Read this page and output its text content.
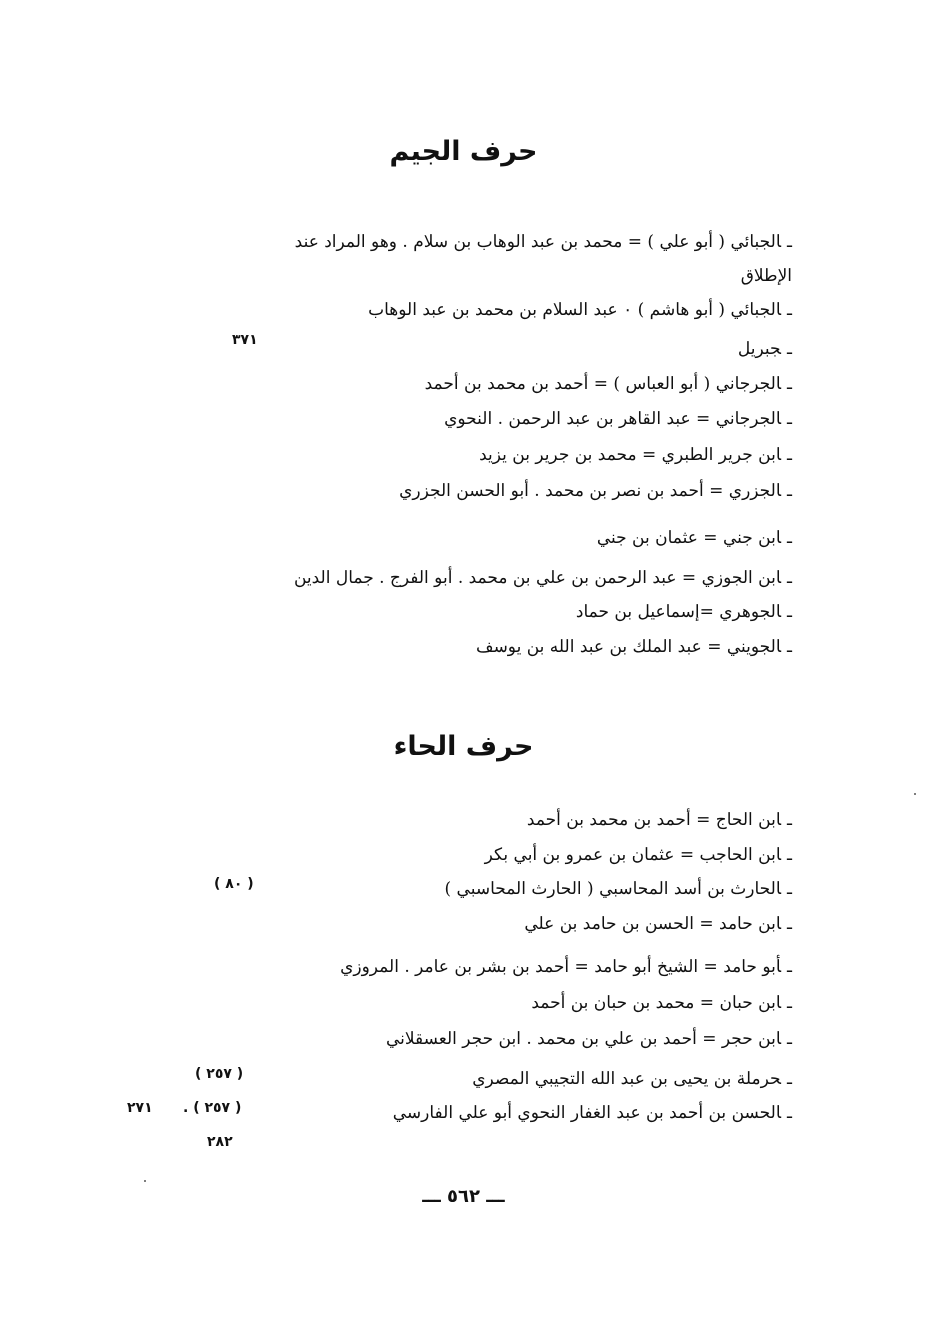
حرف الجيم
ـالجبائي ( أبو علي ) = محمد بن عبد الوهاب بن سلام . وهو المراد عند
الإطلاق
ـالجبائي ( أبو هاشم ) ٠ عبد السلام بن محمد بن عبد الوهاب
ـجبريل
٣٧١
ـالجرجاني ( أبو العباس ) = أحمد بن محمد بن أحمد
ـالجرجاني = عبد القاهر بن عبد الرحمن . النحوي
ـابن جرير الطبري = محمد بن جرير بن يزيد
ـالجزري = أحمد بن نصر بن محمد . أبو الحسن الجزري
ـابن جني = عثمان بن جني
ـابن الجوزي = عبد الرحمن بن علي بن محمد . أبو الفرج . جمال الدين
ـالجوهري =إسماعيل بن حماد
ـالجويني = عبد الملك بن عبد الله بن يوسف
حرف الحاء
ـابن الحاج = أحمد بن محمد بن أحمد
ـابن الحاجب = عثمان بن عمرو بن أبي بكر
ـالحارث بن أسد المحاسبي ( الحارث المحاسبي )
( ٨٠ )
ـابن حامد = الحسن بن حامد بن علي
ـأبو حامد = الشيخ أبو حامد = أحمد بن بشر بن عامر . المروزي
ـابن حبان = محمد بن حبان بن أحمد
ـابن حجر = أحمد بن علي بن محمد . ابن حجر العسقلاني
ـحرملة بن يحيى بن عبد الله التجيبي المصري
( ٢٥٧ )
ـالحسن بن أحمد بن عبد الغفار النحوي أبو علي الفارسي
( ٢٥٧ ) .
٢٧١
٢٨٢
ـــ ٥٦٢ ـــ
